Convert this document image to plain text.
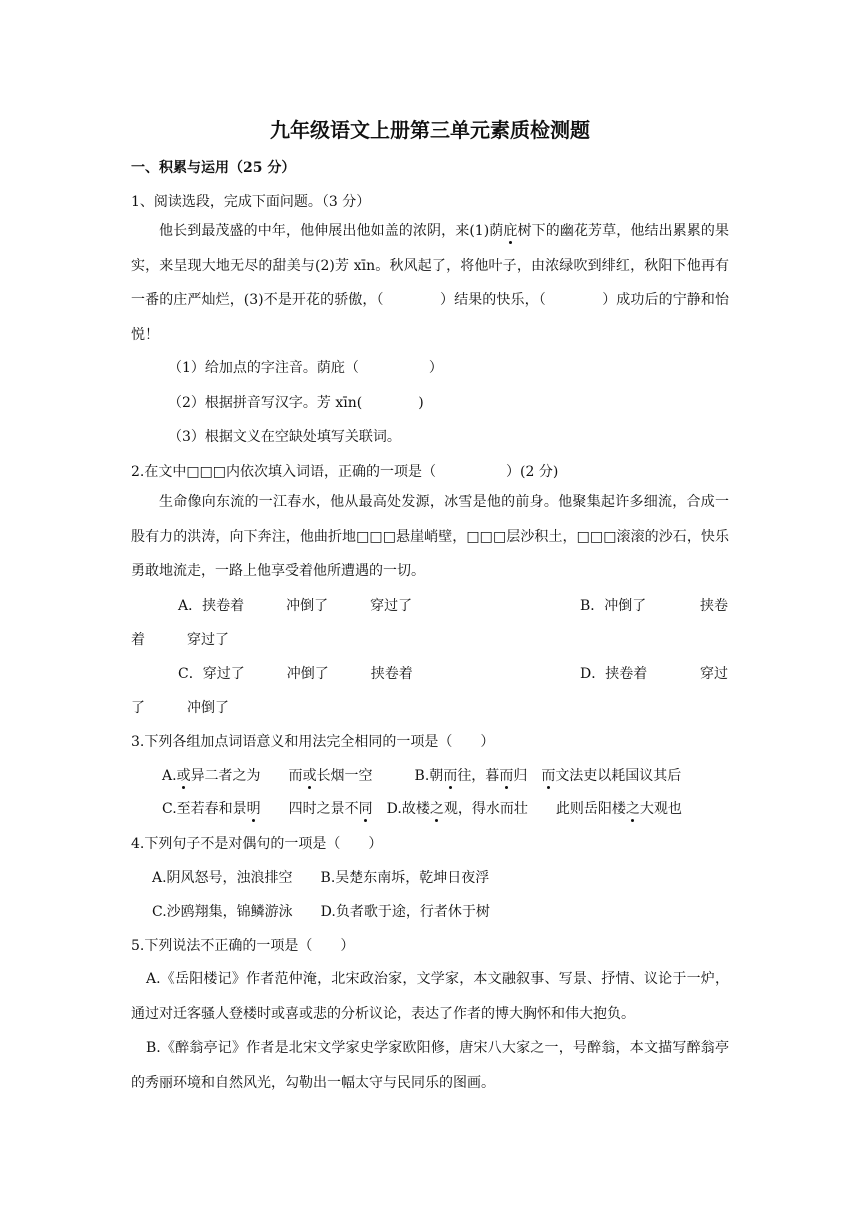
九年级语文上册第三单元素质检测题
一、积累与运用（25 分）
1、阅读选段，完成下面问题。（3 分）
他长到最茂盛的中年，他伸展出他如盖的浓阴，来(1)荫庇树下的幽花芳草，他结出累累的果实，来呈现大地无尽的甜美与(2)芳 xīn。秋风起了，将他叶子，由浓绿吹到绯红，秋阳下他再有一番的庄严灿烂，(3)不是开花的骄傲，（　　　　）结果的快乐，（　　　　）成功后的宁静和怡悦！
（1）给加点的字注音。荫庇（　　　　　）
（2）根据拼音写汉字。芳 xīn(　　　　)
（3）根据文义在空缺处填写关联词。
2.在文中□□□内依次填入词语，正确的一项是（　　　　　）(2 分)
生命像向东流的一江春水，他从最高处发源，冰雪是他的前身。他聚集起许多细流，合成一股有力的洪涛，向下奔注，他曲折地□□□悬崖峭壁，□□□层沙积土，□□□滚滚的沙石，快乐勇敢地流走，一路上他享受着他所遭遇的一切。
A．挟卷着　　　冲倒了　　　穿过了	B．冲倒了	挟卷
着　　　穿过了
C．穿过了　　　冲倒了　　　挟卷着	D．挟卷着	穿过
了　　　冲倒了
3.下列各组加点词语意义和用法完全相同的一项是（　　）
A.或异二者之为　　而或长烟一空　　　B.朝而往，暮而归　而文法吏以耗国议其后
C.至若春和景明　　四时之景不同　D.故楼之观，得水而壮　　此则岳阳楼之大观也
4.下列句子不是对偶句的一项是（　　）
A.阴风怒号，浊浪排空　　B.吴楚东南坼，乾坤日夜浮
C.沙鸥翔集，锦鳞游泳　　D.负者歌于途，行者休于树
5.下列说法不正确的一项是（　　）
A.《岳阳楼记》作者范仲淹，北宋政治家，文学家，本文融叙事、写景、抒情、议论于一炉，通过对迁客骚人登楼时或喜或悲的分析议论，表达了作者的博大胸怀和伟大抱负。
B.《醉翁亭记》作者是北宋文学家史学家欧阳修，唐宋八大家之一，号醉翁，本文描写醉翁亭的秀丽环境和自然风光，勾勒出一幅太守与民同乐的图画。
